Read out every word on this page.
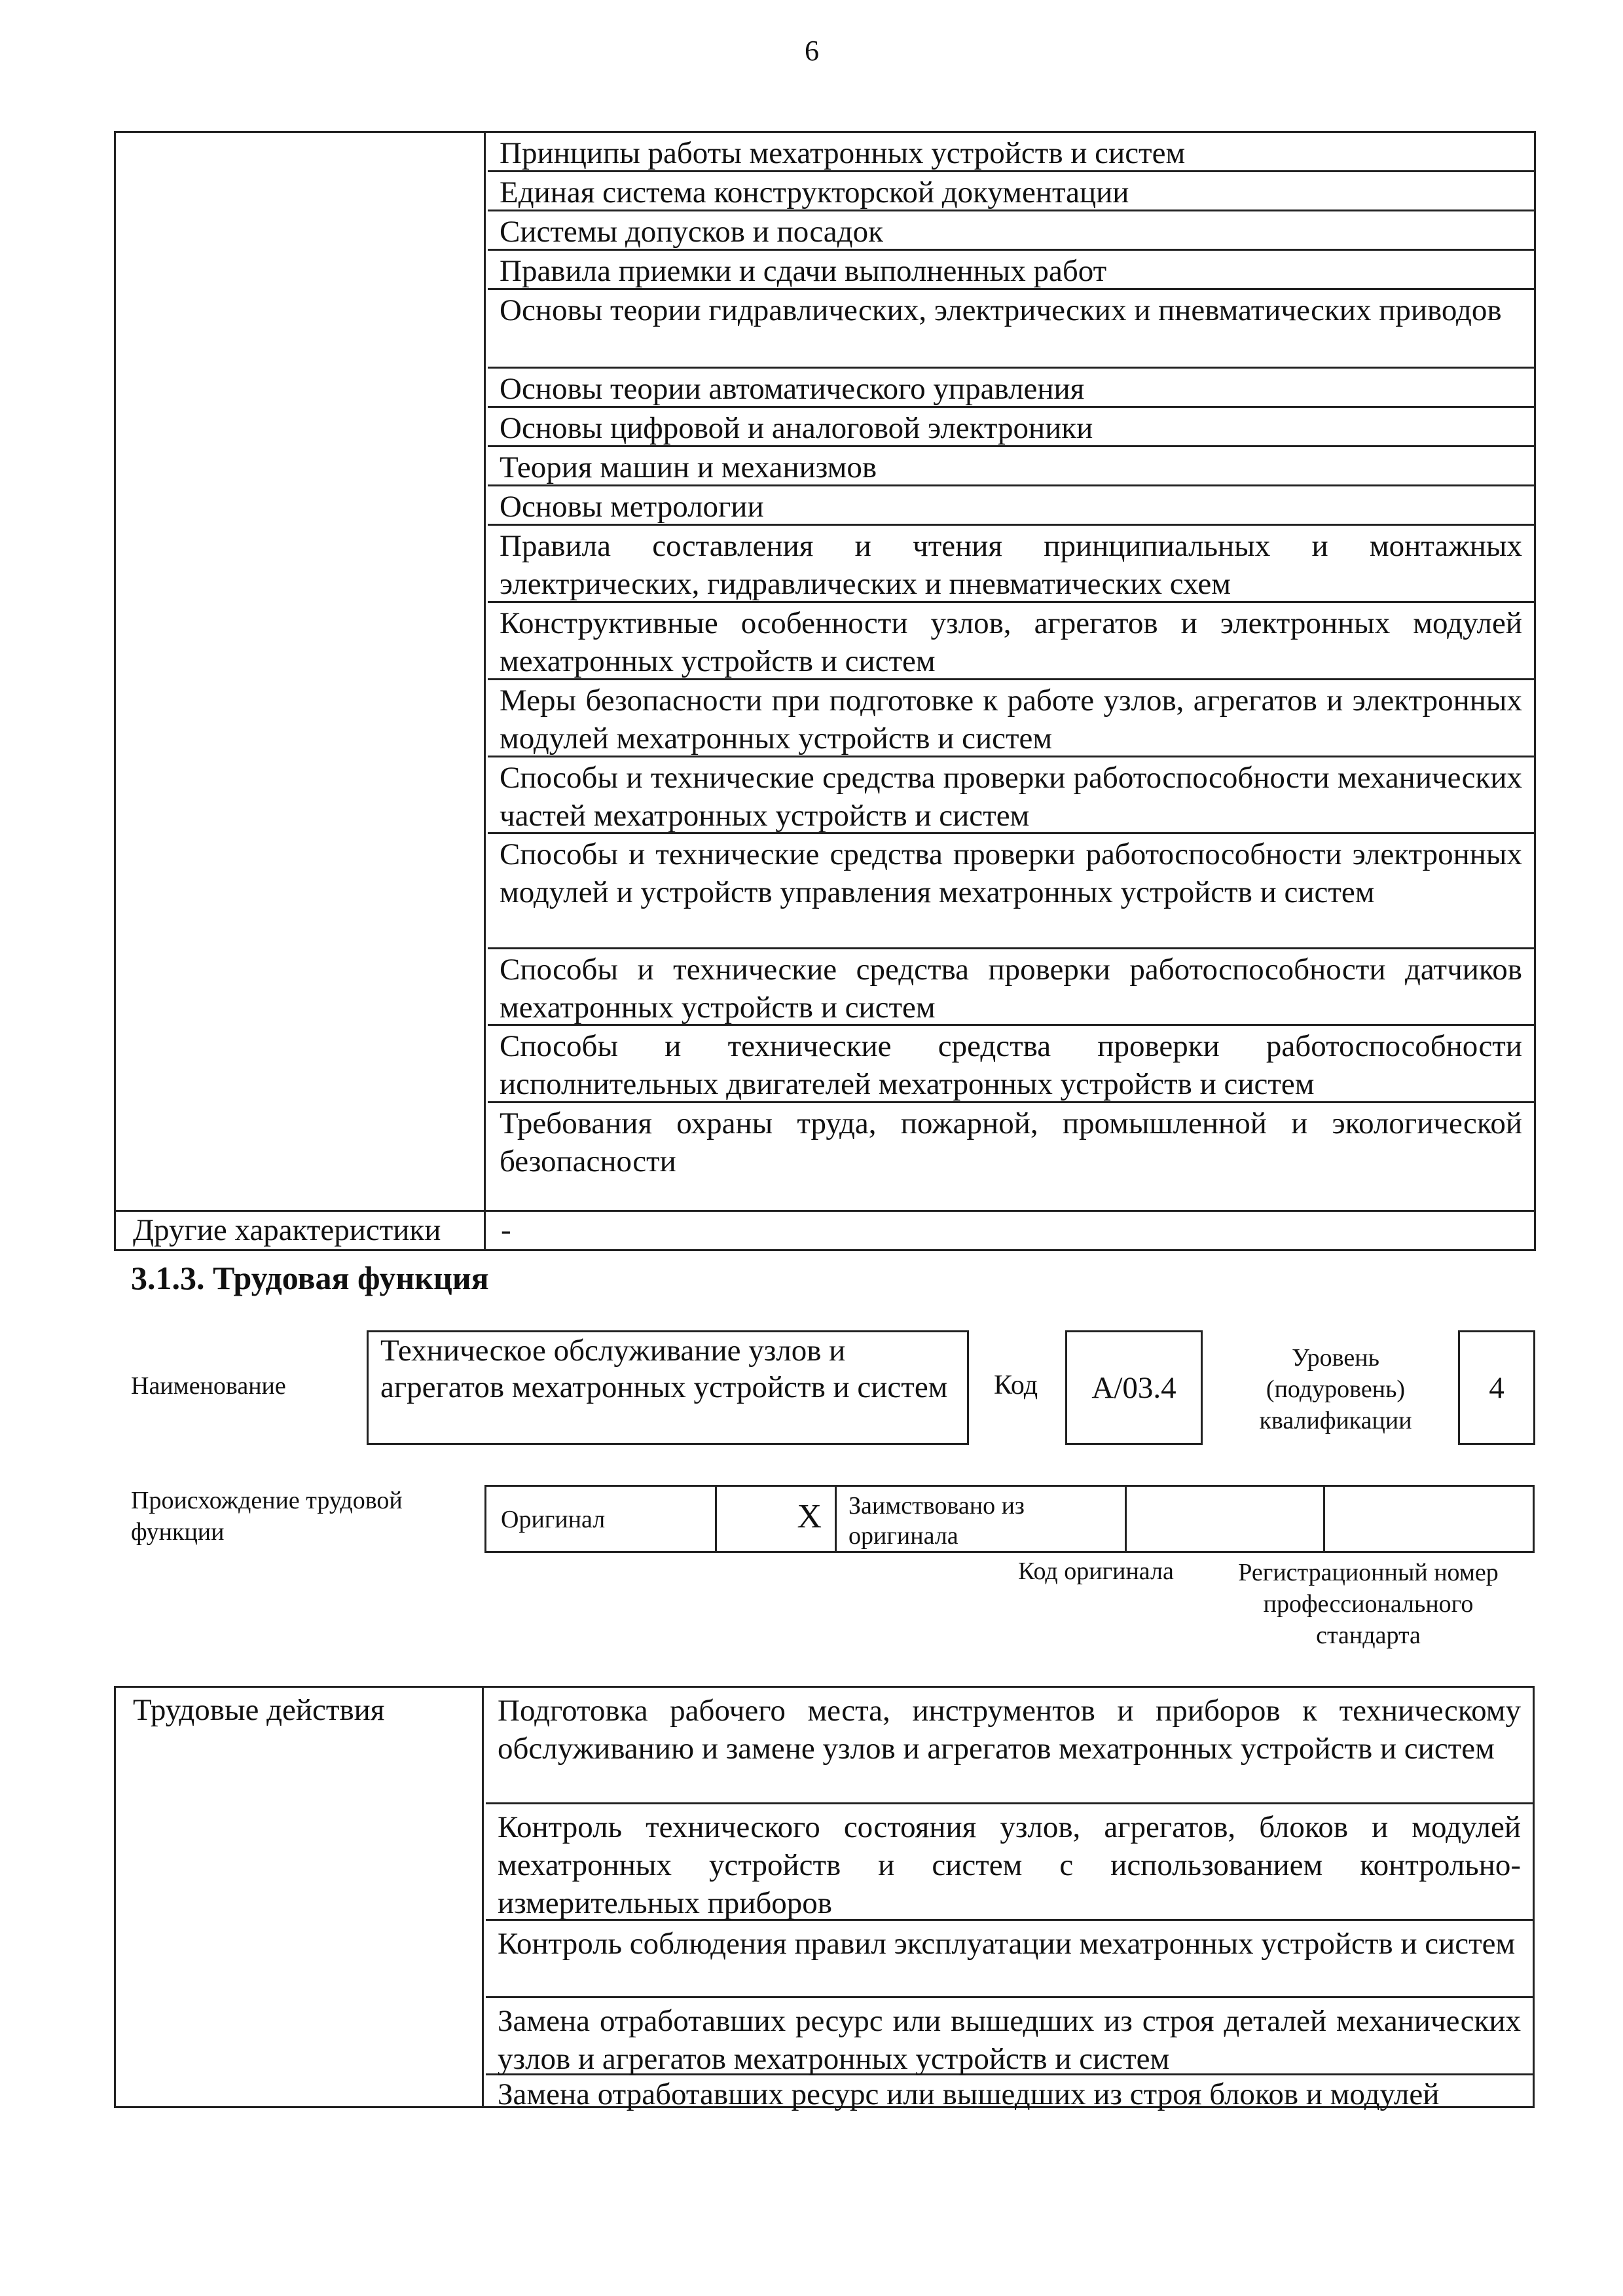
6
Принципы работы мехатронных устройств и систем
Единая система конструкторской документации
Системы допусков и посадок
Правила приемки и сдачи выполненных работ
Основы теории гидравлических, электрических и пневматических приводов
Основы теории автоматического управления
Основы цифровой и аналоговой электроники
Теория машин и механизмов
Основы метрологии
Правила составления и чтения принципиальных и монтажных электрических, гидравлических и пневматических схем
Конструктивные особенности узлов, агрегатов и электронных модулей мехатронных устройств и систем
Меры безопасности при подготовке к работе узлов, агрегатов и электронных модулей мехатронных устройств и систем
Способы и технические средства проверки работоспособности механических частей мехатронных устройств и систем
Способы и технические средства проверки работоспособности электронных модулей и устройств управления мехатронных устройств и систем
Способы и технические средства проверки работоспособности датчиков мехатронных устройств и систем
Способы и технические средства проверки работоспособности исполнительных двигателей мехатронных устройств и систем
Требования охраны труда, пожарной, промышленной и экологической безопасности
Другие характеристики	-
3.1.3. Трудовая функция
Наименование
Техническое обслуживание узлов и агрегатов мехатронных устройств и систем	Код	А/03.4
Уровень (подуровень) квалификации
4
Происхождение трудовой функции	Оригинал	X	Заимствовано из оригинала
Код оригинала	Регистрационный номер профессионального стандарта
Трудовые действия	Подготовка рабочего места, инструментов и приборов к техническому обслуживанию и замене узлов и агрегатов мехатронных устройств и систем
Контроль технического состояния узлов, агрегатов, блоков и модулей мехатронных устройств и систем с использованием контрольно-измерительных приборов
Контроль соблюдения правил эксплуатации мехатронных устройств и систем
Замена отработавших ресурс или вышедших из строя деталей механических узлов и агрегатов мехатронных устройств и систем
Замена отработавших ресурс или вышедших из строя блоков и модулей
